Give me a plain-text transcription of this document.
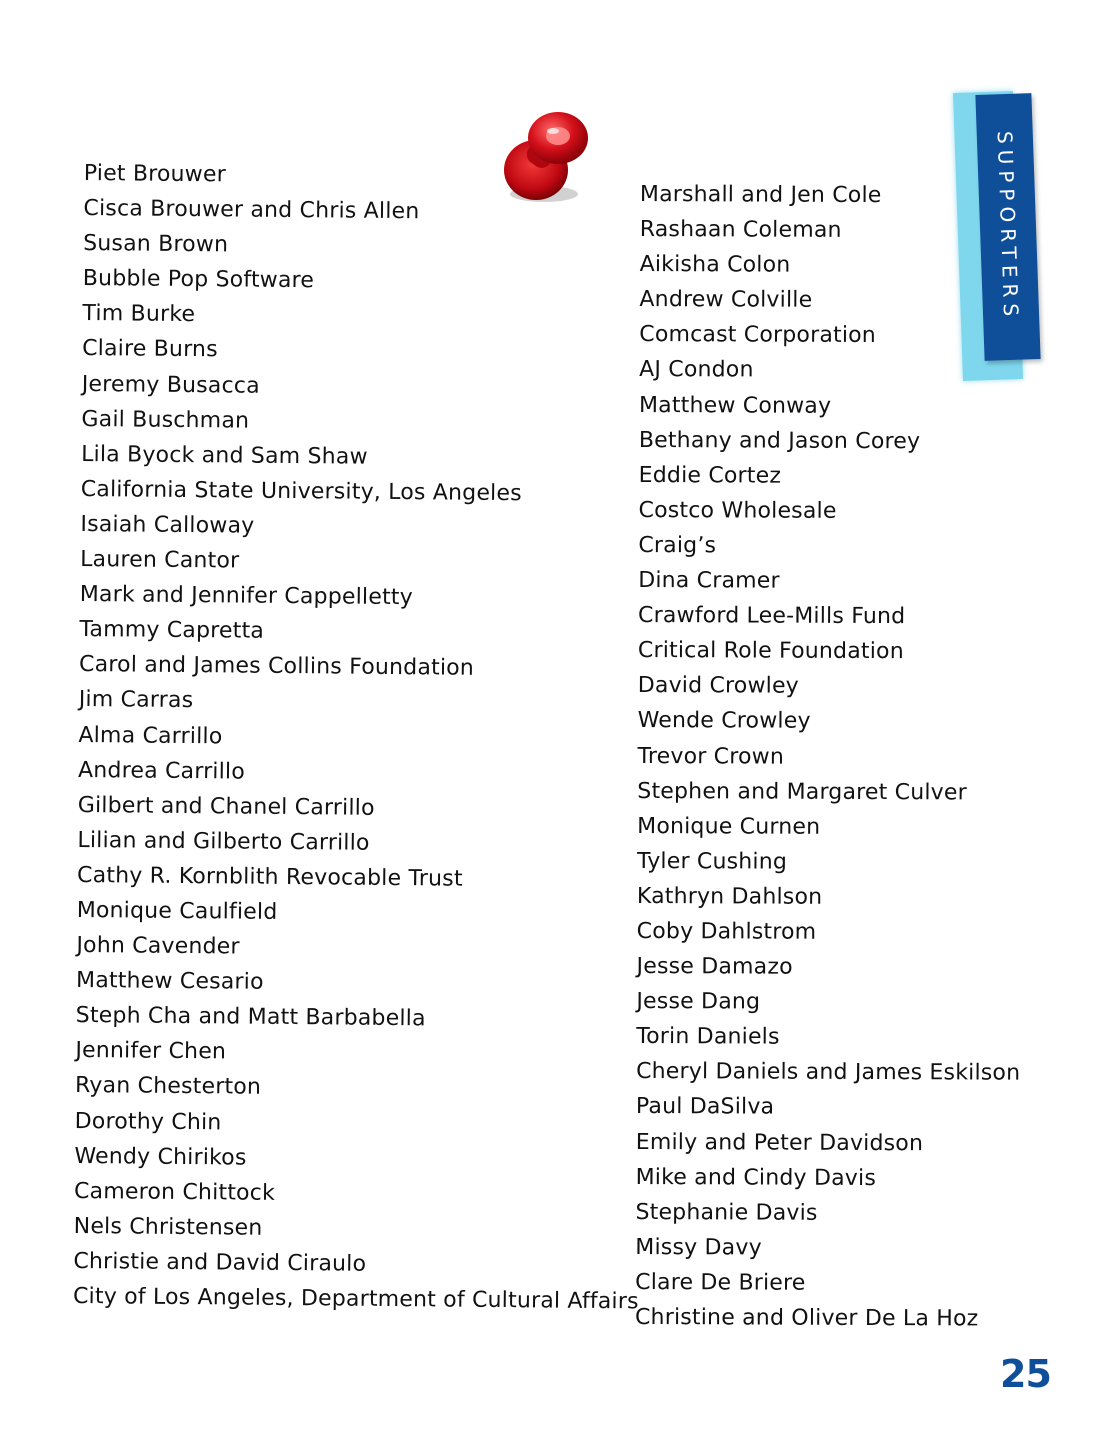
SUPPORTERS
Piet Brouwer
Cisca Brouwer and Chris Allen
Susan Brown
Bubble Pop Software
Tim Burke
Claire Burns
Jeremy Busacca
Gail Buschman
Lila Byock and Sam Shaw
California State University, Los Angeles
Isaiah Calloway
Lauren Cantor
Mark and Jennifer Cappelletty
Tammy Capretta
Carol and James Collins Foundation
Jim Carras
Alma Carrillo
Andrea Carrillo
Gilbert and Chanel Carrillo
Lilian and Gilberto Carrillo
Cathy R. Kornblith Revocable Trust
Monique Caulfield
John Cavender
Matthew Cesario
Steph Cha and Matt Barbabella
Jennifer Chen
Ryan Chesterton
Dorothy Chin
Wendy Chirikos
Cameron Chittock
Nels Christensen
Christie and David Ciraulo
City of Los Angeles, Department of Cultural Affairs
Marshall and Jen Cole
Rashaan Coleman
Aikisha Colon
Andrew Colville
Comcast Corporation
AJ Condon
Matthew Conway
Bethany and Jason Corey
Eddie Cortez
Costco Wholesale
Craig’s
Dina Cramer
Crawford Lee-Mills Fund
Critical Role Foundation
David Crowley
Wende Crowley
Trevor Crown
Stephen and Margaret Culver
Monique Curnen
Tyler Cushing
Kathryn Dahlson
Coby Dahlstrom
Jesse Damazo
Jesse Dang
Torin Daniels
Cheryl Daniels and James Eskilson
Paul DaSilva
Emily and Peter Davidson
Mike and Cindy Davis
Stephanie Davis
Missy Davy
Clare De Briere
Christine and Oliver De La Hoz
25
